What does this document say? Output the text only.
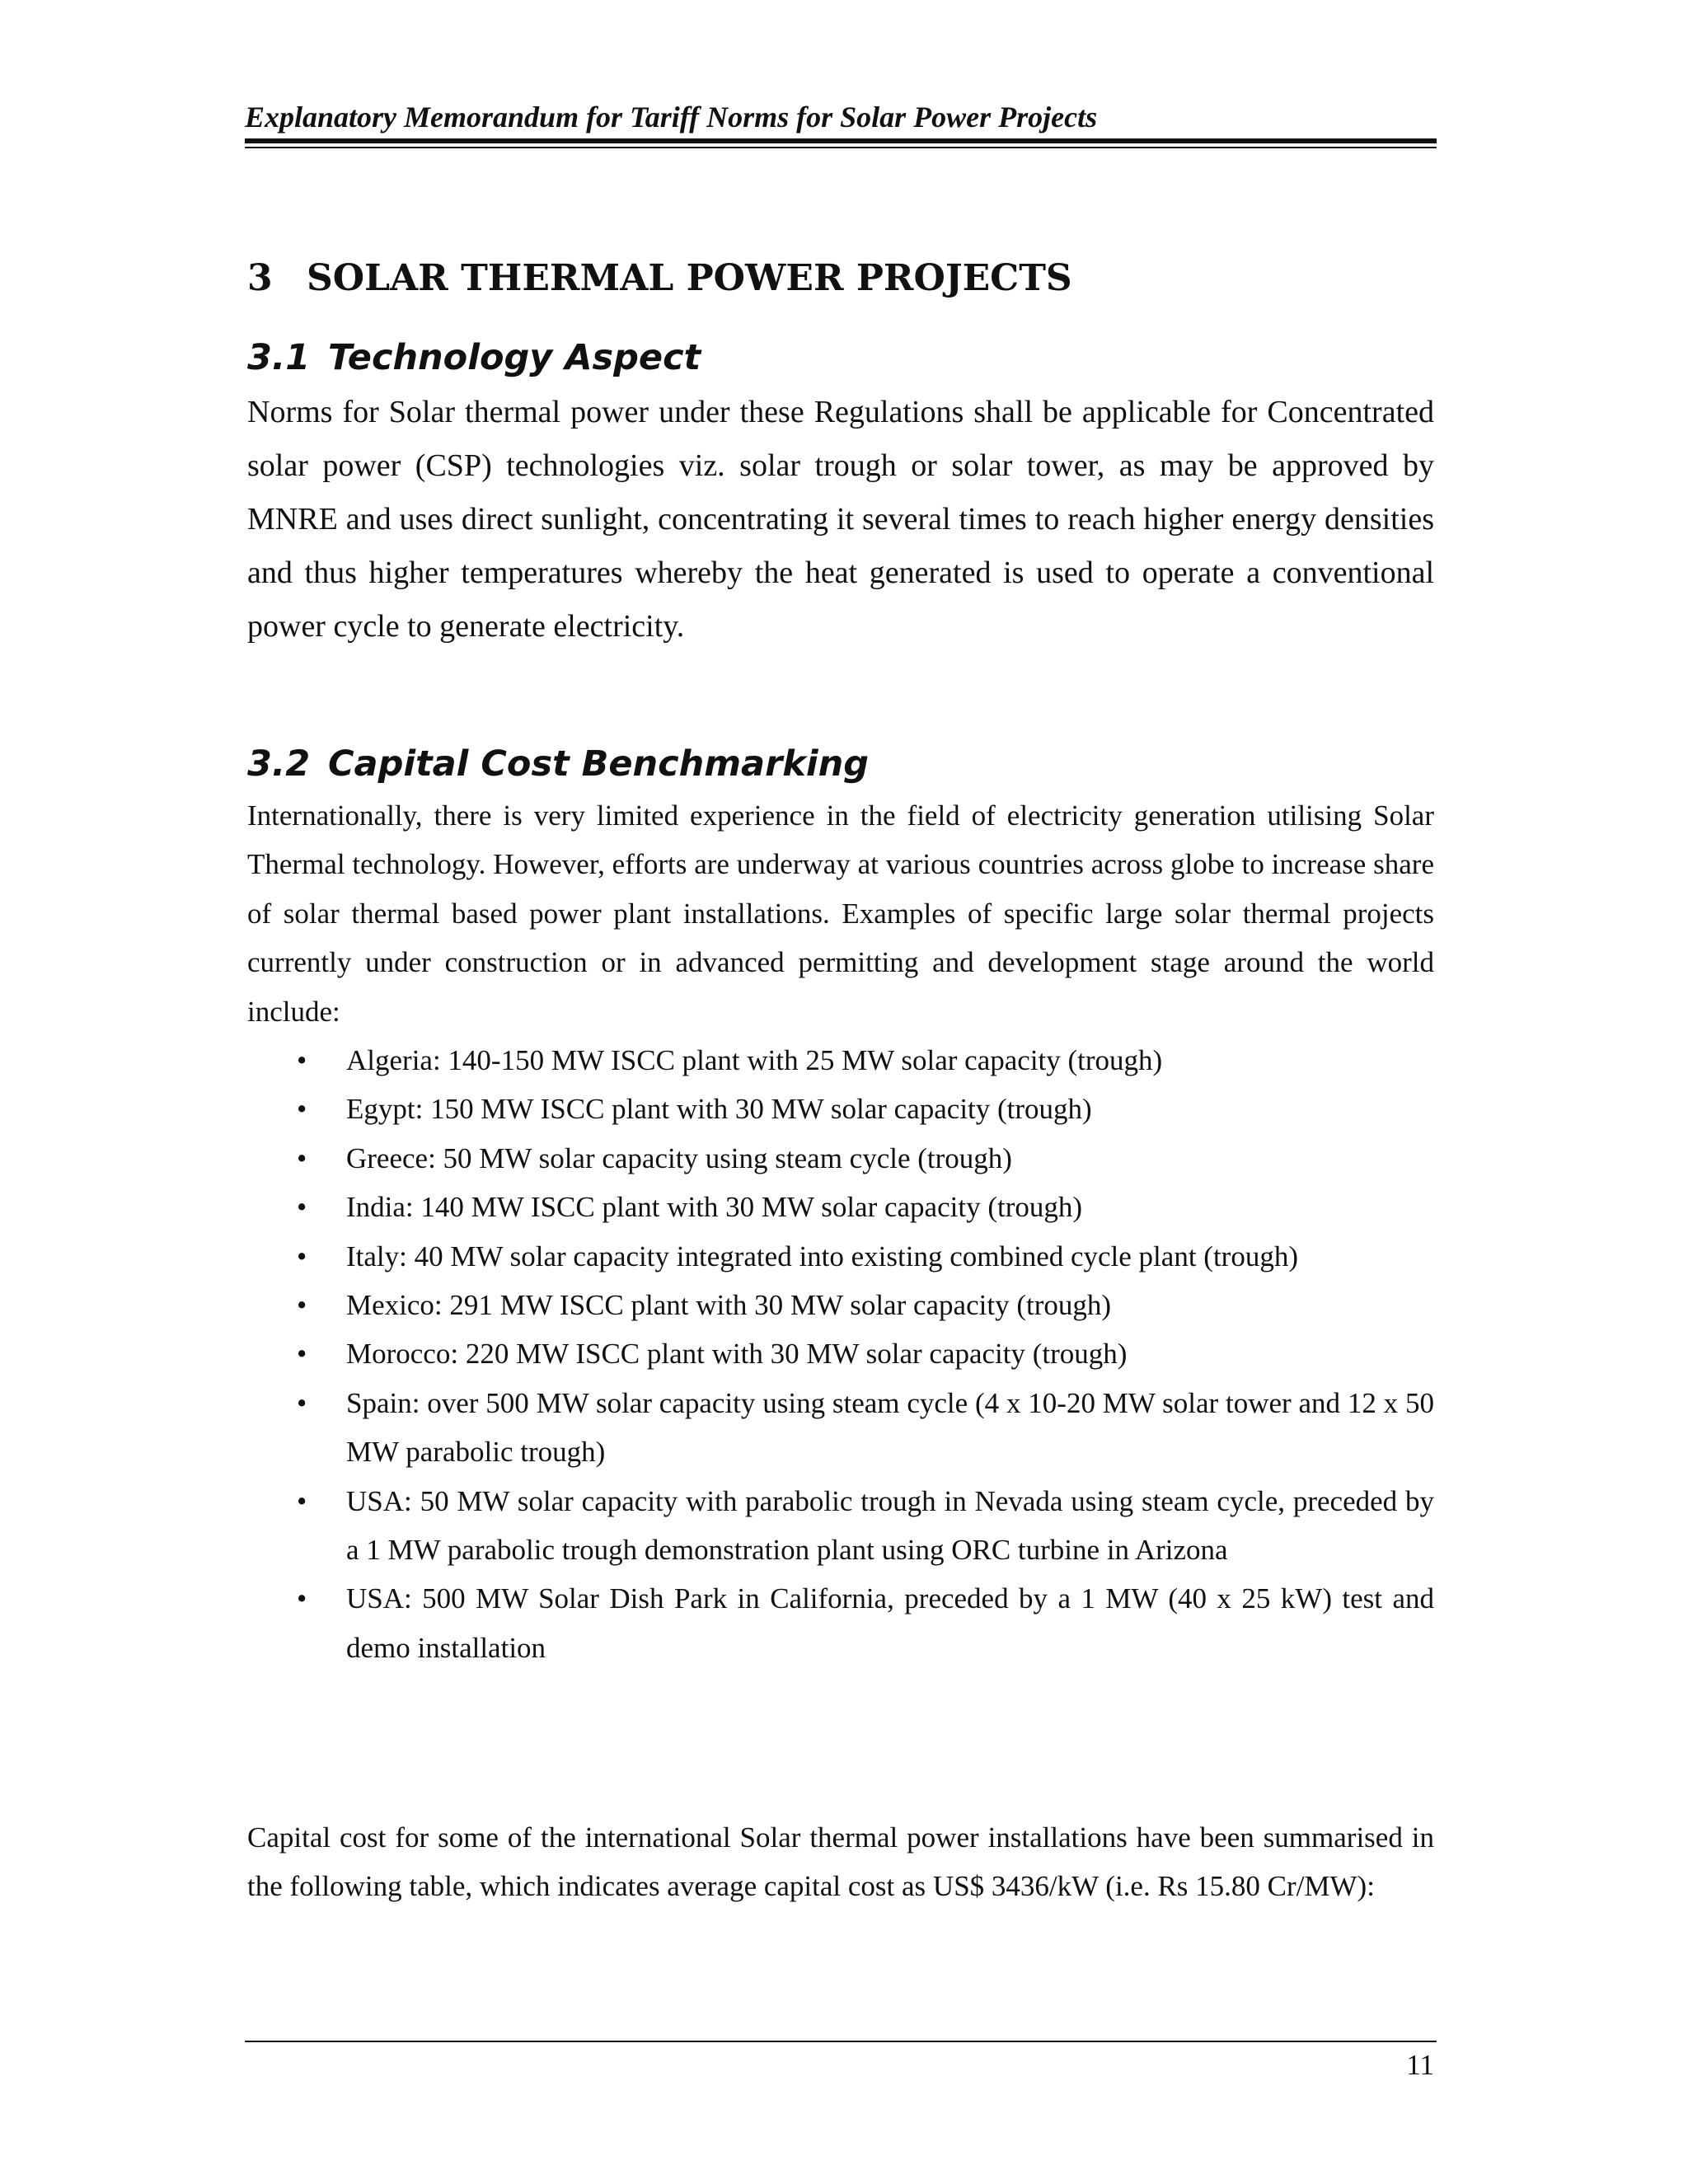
Explanatory Memorandum for Tariff Norms for Solar Power Projects
3 SOLAR THERMAL POWER PROJECTS
3.1 Technology Aspect

Norms for Solar thermal power under these Regulations shall be applicable for Concentrated solar power (CSP) technologies viz. solar trough or solar tower, as may be approved by MNRE and uses direct sunlight, concentrating it several times to reach higher energy densities and thus higher temperatures whereby the heat generated is used to operate a conventional power cycle to generate electricity.

3.2 Capital Cost Benchmarking

Internationally, there is very limited experience in the field of electricity generation utilising Solar Thermal technology. However, efforts are underway at various countries across globe to increase share of solar thermal based power plant installations. Examples of specific large solar thermal projects currently under construction or in advanced permitting and development stage around the world include:

• Algeria: 140-150 MW ISCC plant with 25 MW solar capacity (trough)
• Egypt: 150 MW ISCC plant with 30 MW solar capacity (trough)
• Greece: 50 MW solar capacity using steam cycle (trough)
• India: 140 MW ISCC plant with 30 MW solar capacity (trough)
• Italy: 40 MW solar capacity integrated into existing combined cycle plant (trough)
• Mexico: 291 MW ISCC plant with 30 MW solar capacity (trough)
• Morocco: 220 MW ISCC plant with 30 MW solar capacity (trough)
• Spain: over 500 MW solar capacity using steam cycle (4 x 10-20 MW solar tower and 12 x 50 MW parabolic trough)
• USA: 50 MW solar capacity with parabolic trough in Nevada using steam cycle, preceded by a 1 MW parabolic trough demonstration plant using ORC turbine in Arizona
• USA: 500 MW Solar Dish Park in California, preceded by a 1 MW (40 x 25 kW) test and demo installation

Capital cost for some of the international Solar thermal power installations have been summarised in the following table, which indicates average capital cost as US$ 3436/kW (i.e. Rs 15.80 Cr/MW):

11
